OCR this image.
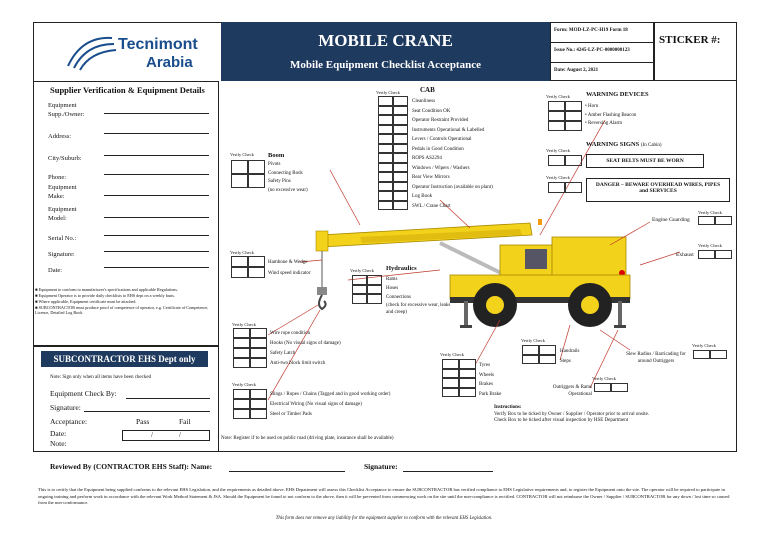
Tecnimont
Arabia
MOBILE CRANE
Mobile Equipment Checklist Acceptance
Form: MOD-LZ-PC-H19 Form 18
Issue No.: 4245-LZ-PC-0000000123
Date: August 2, 2021
STICKER #:
Supplier Verification & Equipment Details
Equipment Supp./Owner:
Address:
City/Suburb:
Phone:
Equipment Make:
Equipment Model:
Serial No.:
Signature:
Date:
■ Equipment to conform to manufacturer's specifications and applicable Regulations.
■ Equipment Operator is to provide daily checklists to EHS dept on a weekly basis.
■ Where applicable, Equipment certificate must be attached.
■ SUBCONTRACTOR must produce proof of competence of operator, e.g. Certificate of Competence, Licence, Detailed Log Book
SUBCONTRACTOR EHS Dept only
Note: Sign only when all items have been checked
Equipment Check By:
Signature:
Acceptance:	Pass	Fail
Date:	/	/
Note:
Verify Check	CAB
Cleanliness
Seat Condition OK
Operator Restraint Provided
Instruments Operational & Labelled
Levers / Controls Operational
Pedals in Good Condition
ROPS AS2294
Windows / Wipers / Washers
Rear View Mirrors
Operator Instruction (available on plant)
Log Book
SWL / Crane Chart
Verify Check WARNING DEVICES
• Horn
• Amber Flashing Beacon
• Reversing Alarm
Verify Check
WARNING SIGNS (In Cabin)
SEAT BELTS MUST BE WORN
Verify Check
DANGER – BEWARE OVERHEAD WIRES, PIPES and SERVICES
Verify Check Boom
Pivots
Connecting Rods
Safety Pins
(no excessive wear)
Verify Check
Engine Guarding
Verify Check
Exhaust
Verify Check
Hambone & Wedge
Wind speed indicator
Verify Check Hydraulics
Rams
Hoses
Connections
(check for excessive wear, leaks and creep)
Verify Check
Wire rope condition
Hooks (No visual signs of damage)
Safety Latch
Anti-two block limit switch
Verify Check
Slings / Ropes / Chains (Tagged and in good working order)
Electrical Wiring (No visual signs of damage)
Steel or Timber Pads
Verify Check
Tyres
Wheels
Brakes
Park Brake
Verify Check
Handrails
Steps
Verify Check
Outriggers & Rams Operational
Verify Check
Slew Radius / Barricading for around Outriggers
Instructions:
Verify Box to be ticked by Owner / Supplier / Operator prior to arrival onsite.
Check Box to be ticked after visual inspection by HSE Department
Note: Register if to be used on public road (driving plate, insurance shall be available)
Reviewed By (CONTRACTOR EHS Staff): Name:	Signature:
This is to certify that the Equipment being supplied conforms to the relevant EHS Legislation, and the requirements as detailed above. EHS Department will assess this Checklist Acceptance to ensure the SUBCONTRACTOR has verified compliance to EHS Legislative requirements and, to register the Equipment onto the site. The operator will be required to participate in ongoing training and perform work in accordance with the relevant Work Method Statement & JSA. Should the Equipment be found to not conform to the above, then it will be prevented from commencing work on the site until the non-compliance is rectified. CONTRACTOR will not reimburse the Owner / Supplier / SUBCONTRACTOR for any down / lost time so caused from the non-conformance.
This form does not remove any liability for the equipment supplier to conform with the relevant EHS Legislation.
